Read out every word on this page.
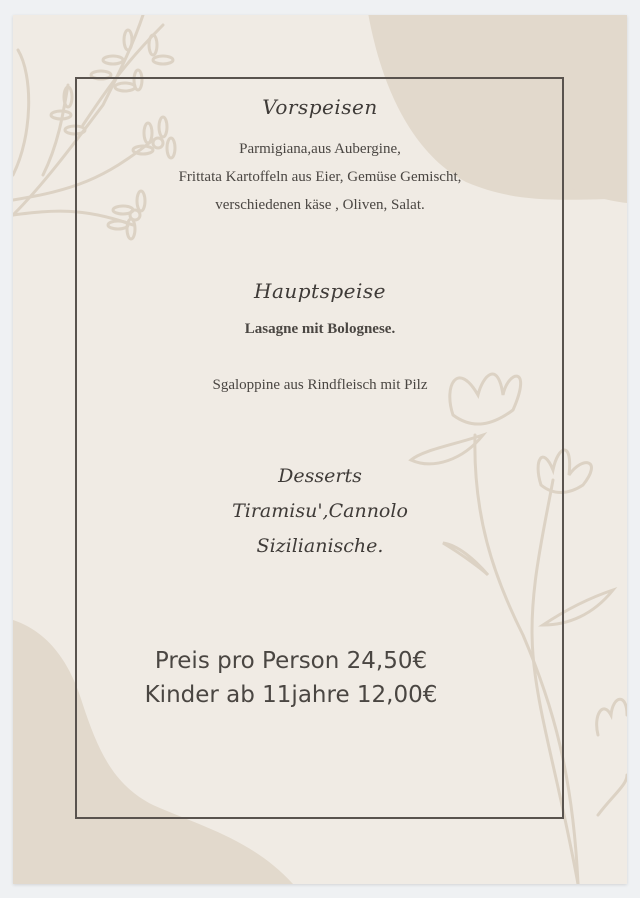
Vorspeisen
Parmigiana,aus Aubergine,
Frittata Kartoffeln aus Eier, Gemüse Gemischt,
verschiedenen käse , Oliven, Salat.
Hauptspeise
Lasagne mit Bolognese.
Sgaloppine aus Rindfleisch mit Pilz
Desserts
Tiramisu',Cannolo
Sizilianische.
Preis pro Person 24,50€
Kinder ab 11jahre 12,00€
